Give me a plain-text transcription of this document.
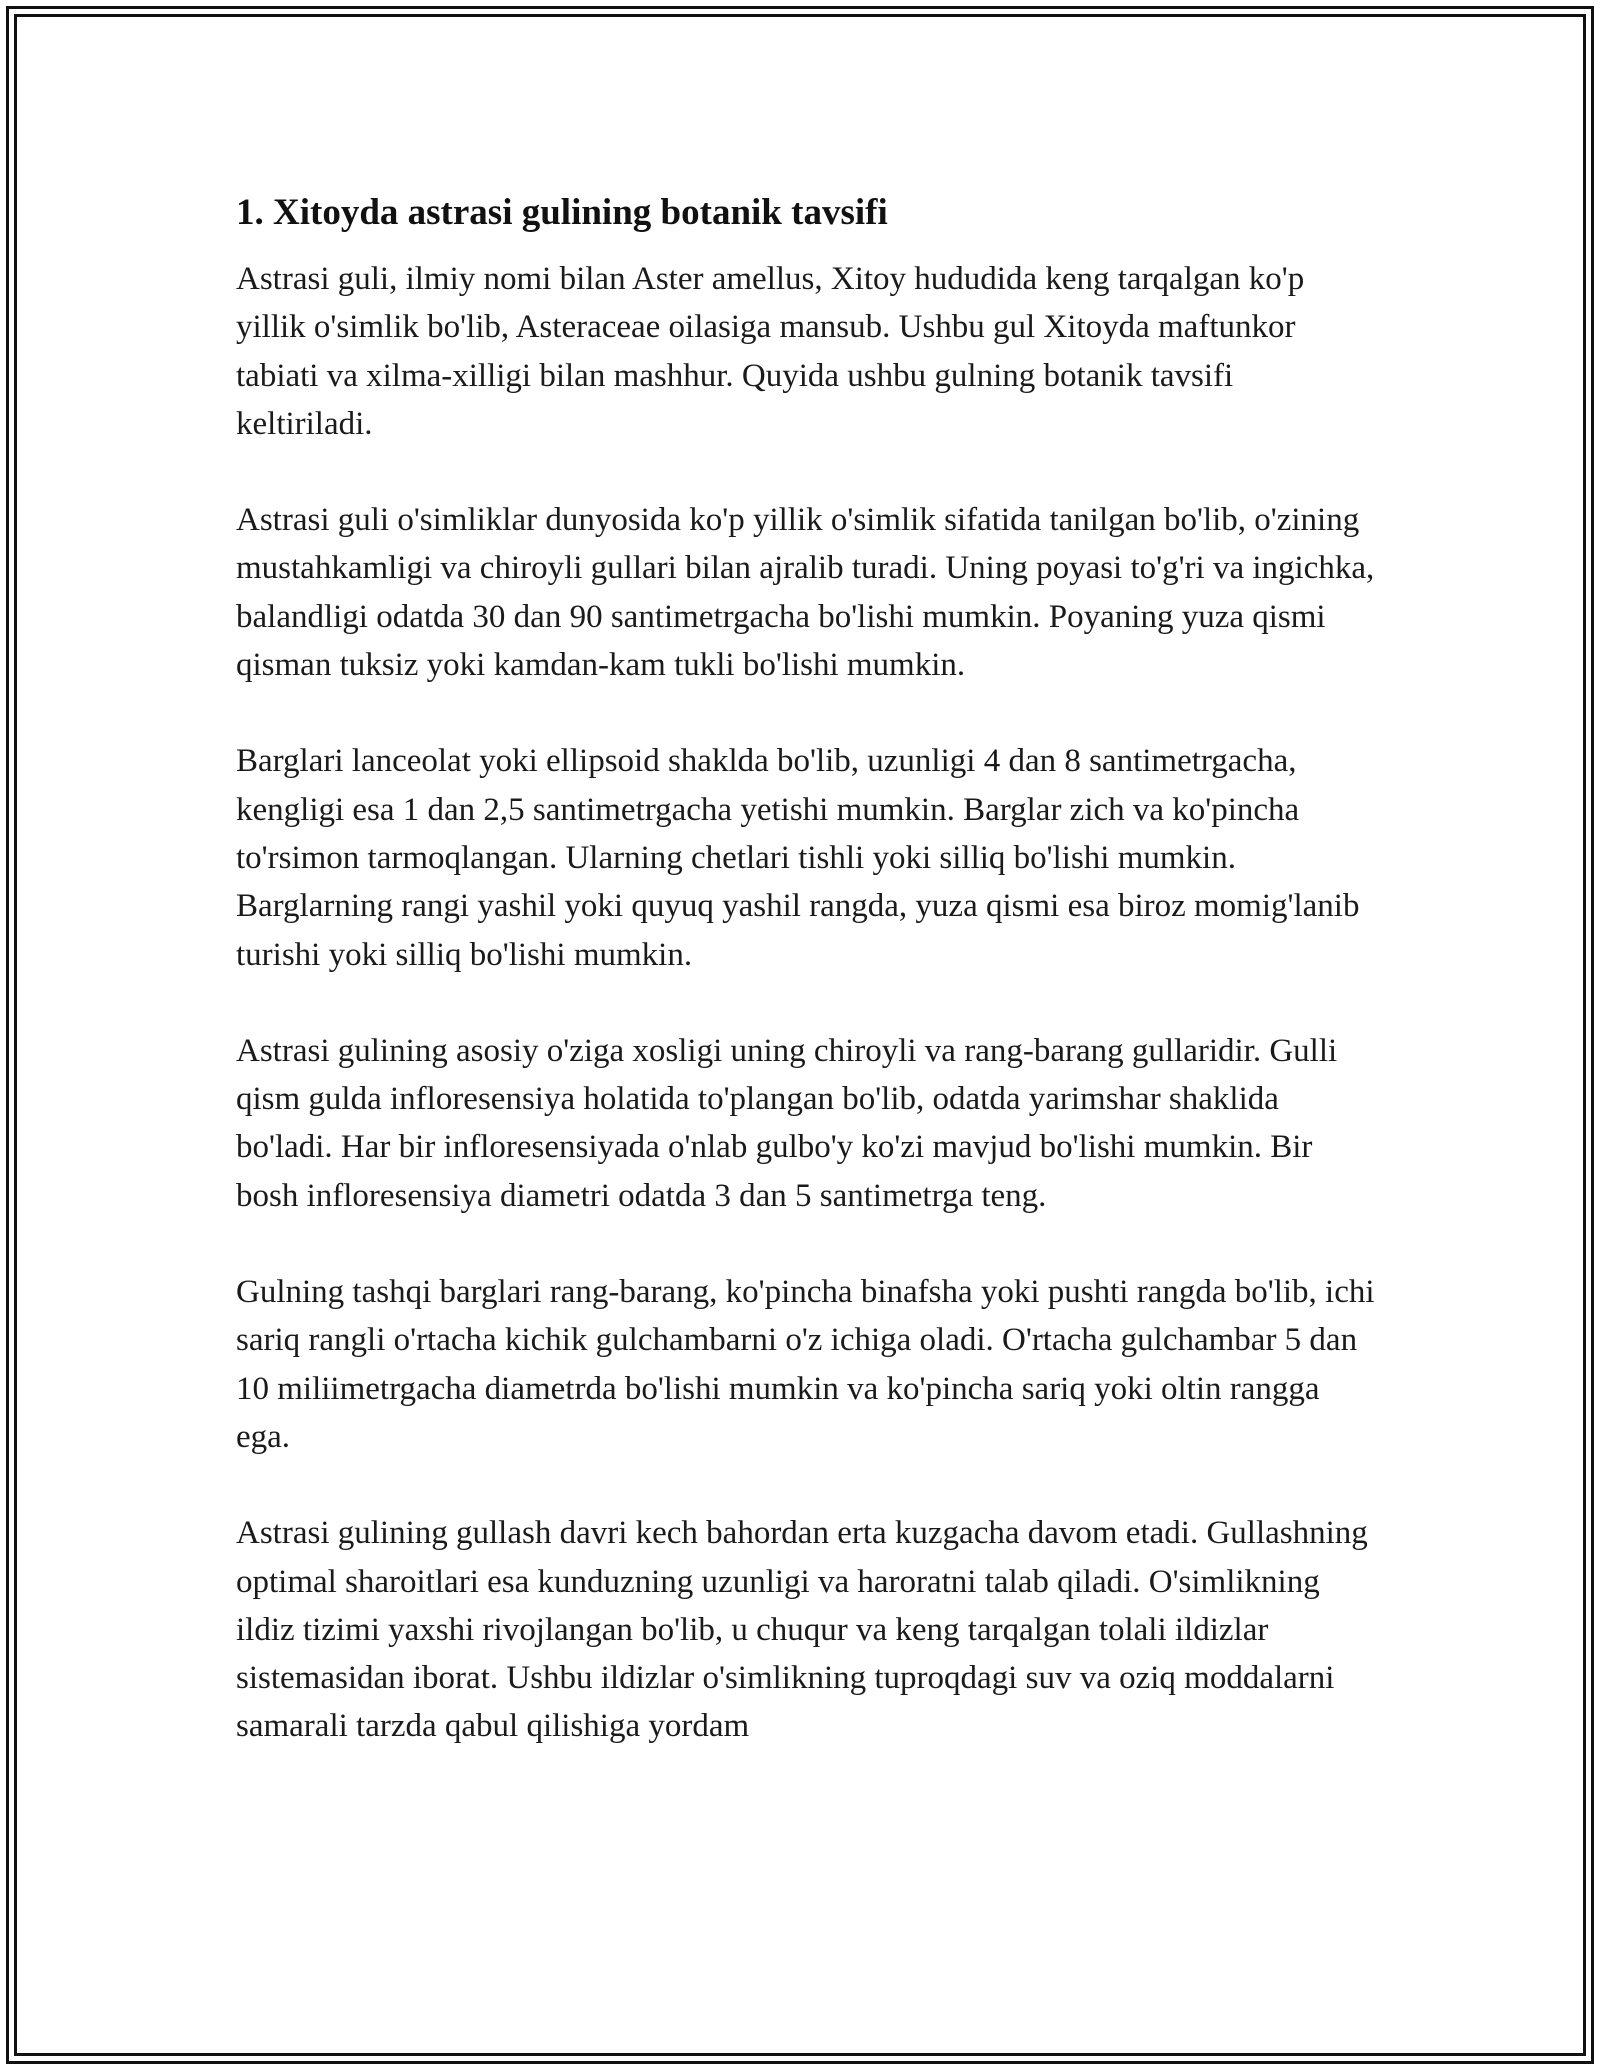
1. Xitoyda astrasi gulining botanik tavsifi

Astrasi guli, ilmiy nomi bilan Aster amellus, Xitoy hududida keng tarqalgan ko'p yillik o'simlik bo'lib, Asteraceae oilasiga mansub. Ushbu gul Xitoyda maftunkor tabiati va xilma-xilligi bilan mashhur. Quyida ushbu gulning botanik tavsifi keltiriladi.

Astrasi guli o'simliklar dunyosida ko'p yillik o'simlik sifatida tanilgan bo'lib, o'zining mustahkamligi va chiroyli gullari bilan ajralib turadi. Uning poyasi to'g'ri va ingichka, balandligi odatda 30 dan 90 santimetrgacha bo'lishi mumkin. Poyaning yuza qismi qisman tuksiz yoki kamdan-kam tukli bo'lishi mumkin.

Barglari lanceolat yoki ellipsoid shaklda bo'lib, uzunligi 4 dan 8 santimetrgacha, kengligi esa 1 dan 2,5 santimetrgacha yetishi mumkin. Barglar zich va ko'pincha to'rsimon tarmoqlangan. Ularning chetlari tishli yoki silliq bo'lishi mumkin. Barglarning rangi yashil yoki quyuq yashil rangda, yuza qismi esa biroz momig'lanib turishi yoki silliq bo'lishi mumkin.

Astrasi gulining asosiy o'ziga xosligi uning chiroyli va rang-barang gullaridir. Gulli qism gulda infloresensiya holatida to'plangan bo'lib, odatda yarimshar shaklida bo'ladi. Har bir infloresensiyada o'nlab gulbo'y ko'zi mavjud bo'lishi mumkin. Bir bosh infloresensiya diametri odatda 3 dan 5 santimetrga teng.

Gulning tashqi barglari rang-barang, ko'pincha binafsha yoki pushti rangda bo'lib, ichi sariq rangli o'rtacha kichik gulchambarni o'z ichiga oladi. O'rtacha gulchambar 5 dan 10 miliimetrgacha diametrda bo'lishi mumkin va ko'pincha sariq yoki oltin rangga ega.

Astrasi gulining gullash davri kech bahordan erta kuzgacha davom etadi. Gullashning optimal sharoitlari esa kunduzning uzunligi va haroratni talab qiladi. O'simlikning ildiz tizimi yaxshi rivojlangan bo'lib, u chuqur va keng tarqalgan tolali ildizlar sistemasidan iborat. Ushbu ildizlar o'simlikning tuproqdagi suv va oziq moddalarni samarali tarzda qabul qilishiga yordam
